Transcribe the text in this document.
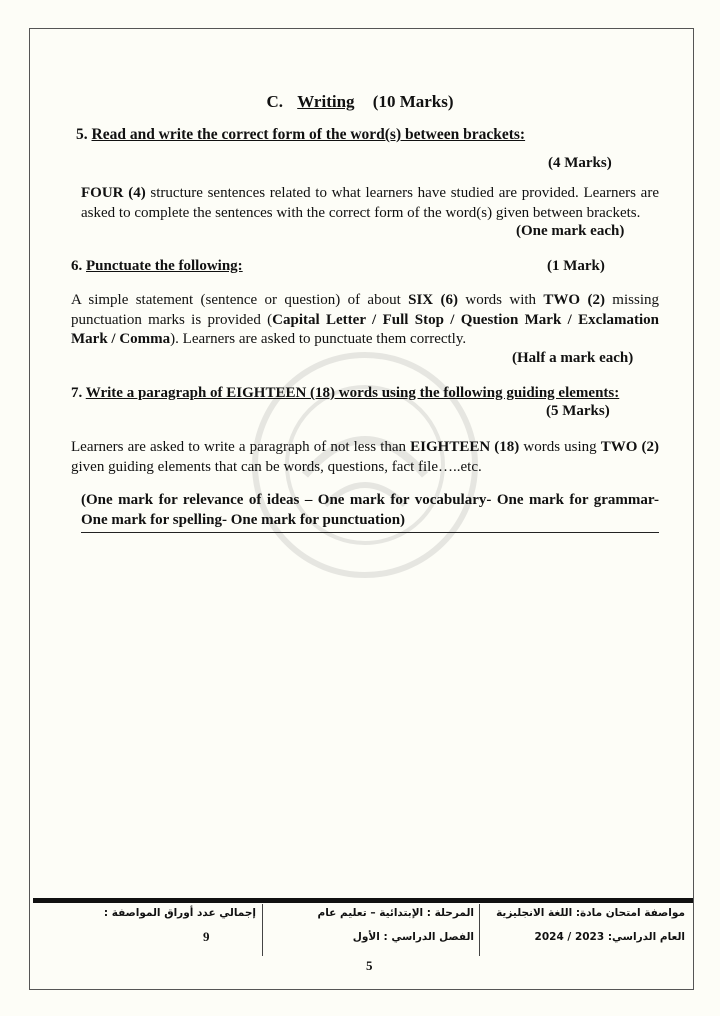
C. Writing (10 Marks)
5. Read and write the correct form of the word(s) between brackets:
(4 Marks)
FOUR (4) structure sentences related to what learners have studied are provided. Learners are asked to complete the sentences with the correct form of the word(s) given between brackets.
(One mark each)
6. Punctuate the following:	(1 Mark)
A simple statement (sentence or question) of about SIX (6) words with TWO (2) missing punctuation marks is provided (Capital Letter / Full Stop / Question Mark / Exclamation Mark / Comma). Learners are asked to punctuate them correctly.
(Half a mark each)
7. Write a paragraph of EIGHTEEN (18) words using the following guiding elements:
(5 Marks)
Learners are asked to write a paragraph of not less than EIGHTEEN (18) words using TWO (2) given guiding elements that can be words, questions, fact file…..etc.
(One mark for relevance of ideas – One mark for vocabulary- One mark for grammar- One mark for spelling- One mark for punctuation)
مواصفة امتحان مادة: اللغة الانجليزية
العام الدراسي: 2023 / 2024
المرحلة : الإبتدائية – تعليم عام
الفصل الدراسي : الأول
إجمالي عدد أوراق المواصفة :
9
5
